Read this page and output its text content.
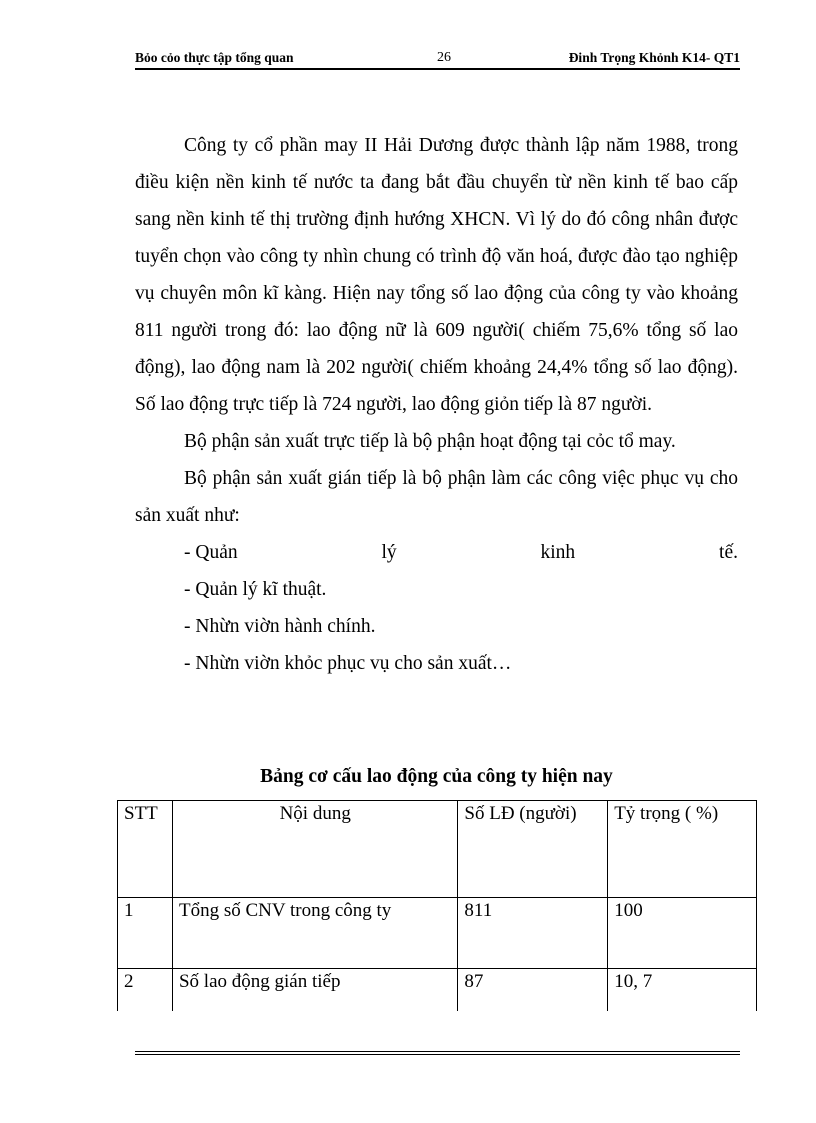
Bỏo cỏo thực tập tổng quan	26	Đinh Trọng Khỏnh K14- QT1

Công ty cổ phần may II Hải Dương được thành lập năm 1988, trong điều kiện nền kinh tế nước ta đang bắt đầu chuyển từ nền kinh tế bao cấp sang nền kinh tế thị trường định hướng XHCN. Vì lý do đó công nhân được tuyển chọn vào công ty nhìn chung có trình độ văn hoá, được đào tạo nghiệp vụ chuyên môn kĩ kàng. Hiện nay tổng số lao động của công ty vào khoảng 811 người trong đó: lao động nữ là 609 người( chiếm 75,6% tổng số lao động), lao động nam là 202 người( chiếm khoảng 24,4% tổng số lao động). Số lao động trực tiếp là 724 người, lao động giỏn tiếp là 87 người.

Bộ phận sản xuất trực tiếp là bộ phận hoạt động tại cỏc tổ may.

Bộ phận sản xuất gián tiếp là bộ phận làm các công việc phục vụ cho sản xuất như:

- Quản	lý	kinh	tế.

- Quản lý kĩ thuật.

- Nhừn viờn hành chính.

- Nhừn viờn khỏc phục vụ cho sản xuất…

Bảng cơ cấu lao động của công ty hiện nay
STT	Nội dung	Số LĐ (người)	Tỷ trọng ( %)
1	Tổng số CNV trong công ty	811	100
2	Số lao động gián tiếp	87	10, 7
